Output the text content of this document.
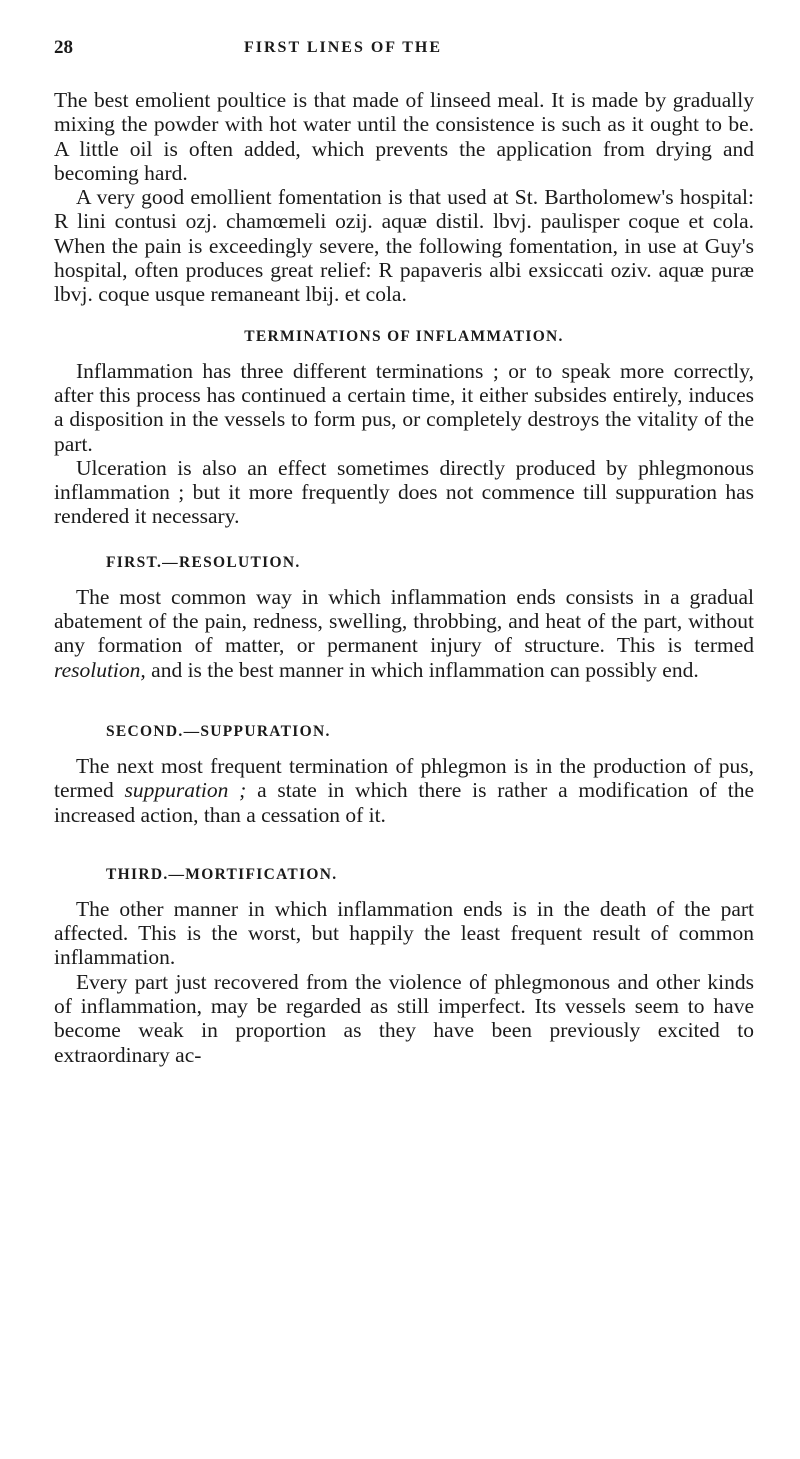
28	FIRST LINES OF THE

The best emolient poultice is that made of linseed meal. It is made by gradually mixing the powder with hot water until the consistence is such as it ought to be. A little oil is often added, which prevents the application from drying and becoming hard.

A very good emollient fomentation is that used at St. Bartholomew's hospital: R lini contusi ozj. chamœmeli ozij. aquæ distil. lbvj. paulisper coque et cola. When the pain is exceedingly severe, the following fomentation, in use at Guy's hospital, often produces great relief: R papaveris albi exsiccati oziv. aquæ puræ lbvj. coque usque remaneant lbij. et cola.

TERMINATIONS OF INFLAMMATION.

Inflammation has three different terminations ; or to speak more correctly, after this process has continued a certain time, it either subsides entirely, induces a disposition in the vessels to form pus, or completely destroys the vitality of the part.

Ulceration is also an effect sometimes directly produced by phlegmonous inflammation ; but it more frequently does not commence till suppuration has rendered it necessary.

FIRST.—RESOLUTION.

The most common way in which inflammation ends consists in a gradual abatement of the pain, redness, swelling, throbbing, and heat of the part, without any formation of matter, or permanent injury of structure. This is termed resolution, and is the best manner in which inflammation can possibly end.

SECOND.—SUPPURATION.

The next most frequent termination of phlegmon is in the production of pus, termed suppuration ; a state in which there is rather a modification of the increased action, than a cessation of it.

THIRD.—MORTIFICATION.

The other manner in which inflammation ends is in the death of the part affected. This is the worst, but happily the least frequent result of common inflammation.

Every part just recovered from the violence of phlegmonous and other kinds of inflammation, may be regarded as still imperfect. Its vessels seem to have become weak in proportion as they have been previously excited to extraordinary ac-
